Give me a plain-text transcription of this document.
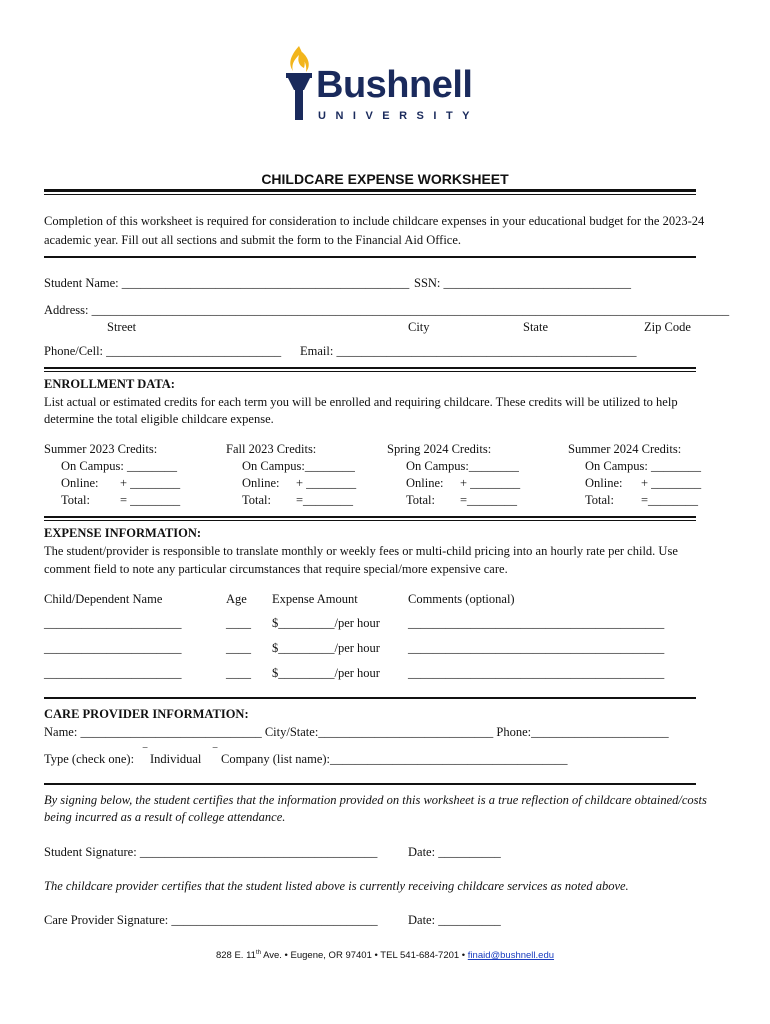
Bushnell
UNIVERSITY
CHILDCARE EXPENSE WORKSHEET
Completion of this worksheet is required for consideration to include childcare expenses in your educational budget for the 2023-24
academic year. Fill out all sections and submit the form to the Financial Aid Office.
Student Name: ______________________________________________ SSN: ______________________________
Address: ______________________________________________________________________________________________________
Street	City	State	Zip Code
Phone/Cell: ____________________________ Email: ________________________________________________
ENROLLMENT DATA:
List actual or estimated credits for each term you will be enrolled and requiring childcare. These credits will be utilized to help
determine the total eligible childcare expense.
Summer 2023 Credits:
On Campus: ________
Online: + ________
Total: = ________
Fall 2023 Credits:
On Campus:________
Online: + ________
Total: =________
Spring 2024 Credits:
On Campus:________
Online: + ________
Total: =________
Summer 2024 Credits:
On Campus: ________
Online: + ________
Total: =________
EXPENSE INFORMATION:
The student/provider is responsible to translate monthly or weekly fees or multi-child pricing into an hourly rate per child. Use
comment field to note any particular circumstances that require special/more expensive care.
Child/Dependent Name	Age Expense Amount	Comments (optional)
______________________	____ $_________/per hour _________________________________________
______________________	____ $_________/per hour _________________________________________
______________________	____ $_________/per hour _________________________________________
CARE PROVIDER INFORMATION:
Name: _____________________________ City/State:____________________________ Phone:______________________
Type (check one): ‾ Individual ‾ Company (list name):______________________________________
By signing below, the student certifies that the information provided on this worksheet is a true reflection of childcare obtained/costs
being incurred as a result of college attendance.
Student Signature: ______________________________________ Date: __________
The childcare provider certifies that the student listed above is currently receiving childcare services as noted above.
Care Provider Signature: _________________________________ Date: __________
828 E. 11th Ave. • Eugene, OR 97401 • TEL 541-684-7201 • finaid@bushnell.edu
